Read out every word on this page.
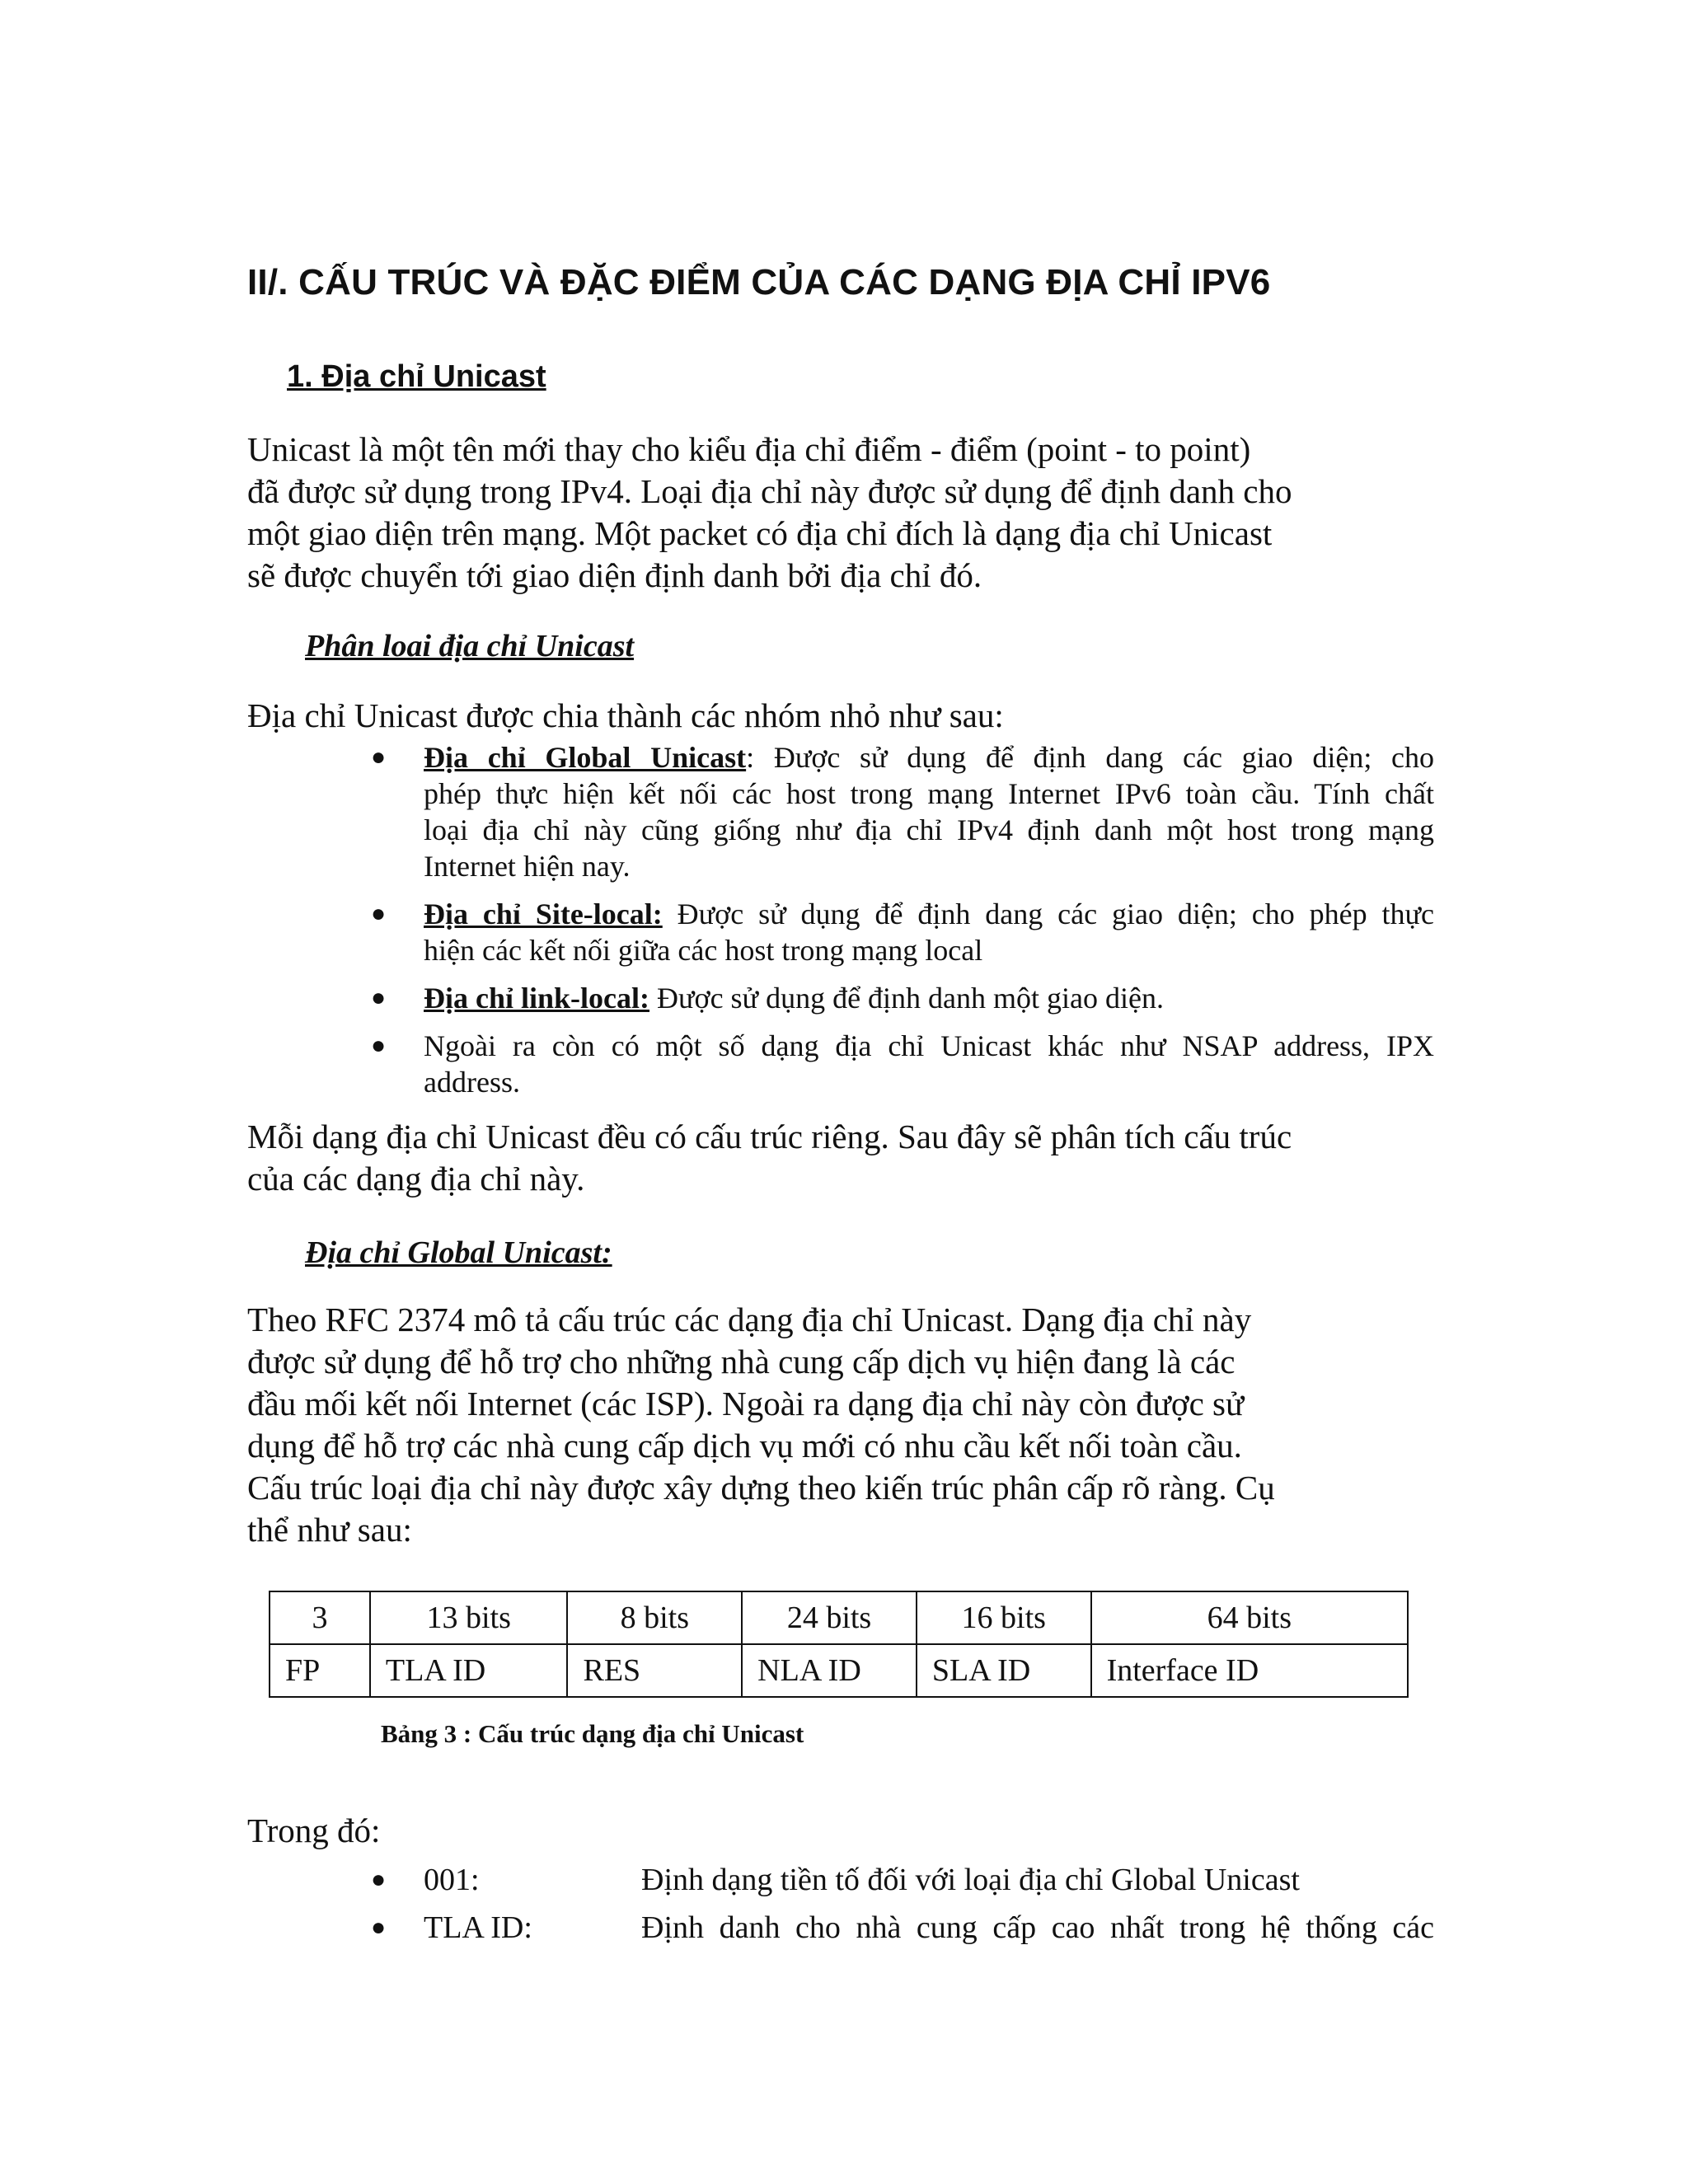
II/. CẤU TRÚC VÀ ĐẶC ĐIỂM CỦA CÁC DẠNG ĐỊA CHỈ IPV6
1. Địa chỉ Unicast

Unicast là một tên mới thay cho kiểu địa chỉ điểm - điểm (point - to point)
đã được sử dụng trong IPv4. Loại địa chỉ này được sử dụng để định danh cho
một giao diện trên mạng. Một packet có địa chỉ đích là dạng địa chỉ Unicast
sẽ được chuyển tới giao diện định danh bởi địa chỉ đó.

Phân loai địa chỉ Unicast

Địa chỉ Unicast được chia thành các nhóm nhỏ như sau:

● Địa chỉ Global Unicast: Được sử dụng để định dang các giao diện; cho
phép thực hiện kết nối các host trong mạng Internet IPv6 toàn cầu. Tính chất
loại địa chỉ này cũng giống như địa chỉ IPv4 định danh một host trong mạng
Internet hiện nay.
● Địa chỉ Site-local: Được sử dụng để định dang các giao diện; cho phép thực
hiện các kết nối giữa các host trong mạng local
● Địa chỉ link-local: Được sử dụng để định danh một giao diện.
● Ngoài ra còn có một số dạng địa chỉ Unicast khác như NSAP address, IPX
address.

Mỗi dạng địa chỉ Unicast đều có cấu trúc riêng. Sau đây sẽ phân tích cấu trúc
của các dạng địa chỉ này.

Địa chỉ Global Unicast:

Theo RFC 2374 mô tả cấu trúc các dạng địa chỉ Unicast. Dạng địa chỉ này
được sử dụng để hỗ trợ cho những nhà cung cấp dịch vụ hiện đang là các
đầu mối kết nối Internet (các ISP). Ngoài ra dạng địa chỉ này còn được sử
dụng để hỗ trợ các nhà cung cấp dịch vụ mới có nhu cầu kết nối toàn cầu.
Cấu trúc loại địa chỉ này được xây dựng theo kiến trúc phân cấp rõ ràng. Cụ
thể như sau:

3	13 bits	8 bits	24 bits	16 bits	64 bits
FP	TLA ID	RES	NLA ID	SLA ID	Interface ID

Bảng 3 : Cấu trúc dạng địa chỉ Unicast

Trong đó:

● 001:	Định dạng tiền tố đối với loại địa chỉ Global Unicast
● TLA ID:	Định danh cho nhà cung cấp cao nhất trong hệ thống các
